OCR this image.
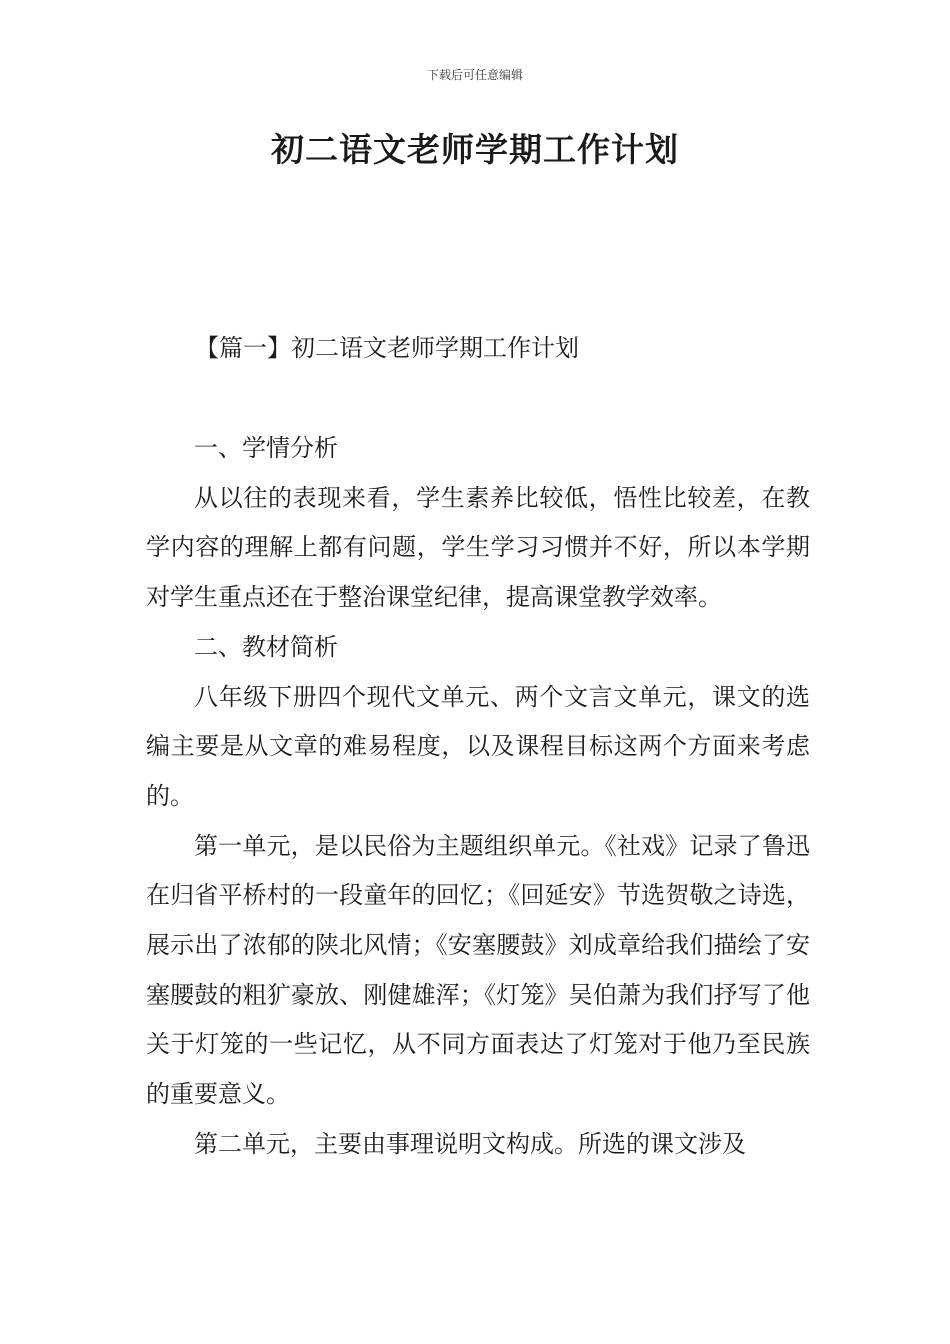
下载后可任意编辑
初二语文老师学期工作计划
【篇一】初二语文老师学期工作计划

一、学情分析

从以往的表现来看，学生素养比较低，悟性比较差，在教学内容的理解上都有问题，学生学习习惯并不好，所以本学期对学生重点还在于整治课堂纪律，提高课堂教学效率。

二、教材简析

八年级下册四个现代文单元、两个文言文单元，课文的选编主要是从文章的难易程度，以及课程目标这两个方面来考虑的。

第一单元，是以民俗为主题组织单元。《社戏》记录了鲁迅在归省平桥村的一段童年的回忆；《回延安》节选贺敬之诗选，展示出了浓郁的陕北风情；《安塞腰鼓》刘成章给我们描绘了安塞腰鼓的粗犷豪放、刚健雄浑；《灯笼》吴伯萧为我们抒写了他关于灯笼的一些记忆，从不同方面表达了灯笼对于他乃至民族的重要意义。

第二单元，主要由事理说明文构成。所选的课文涉及
